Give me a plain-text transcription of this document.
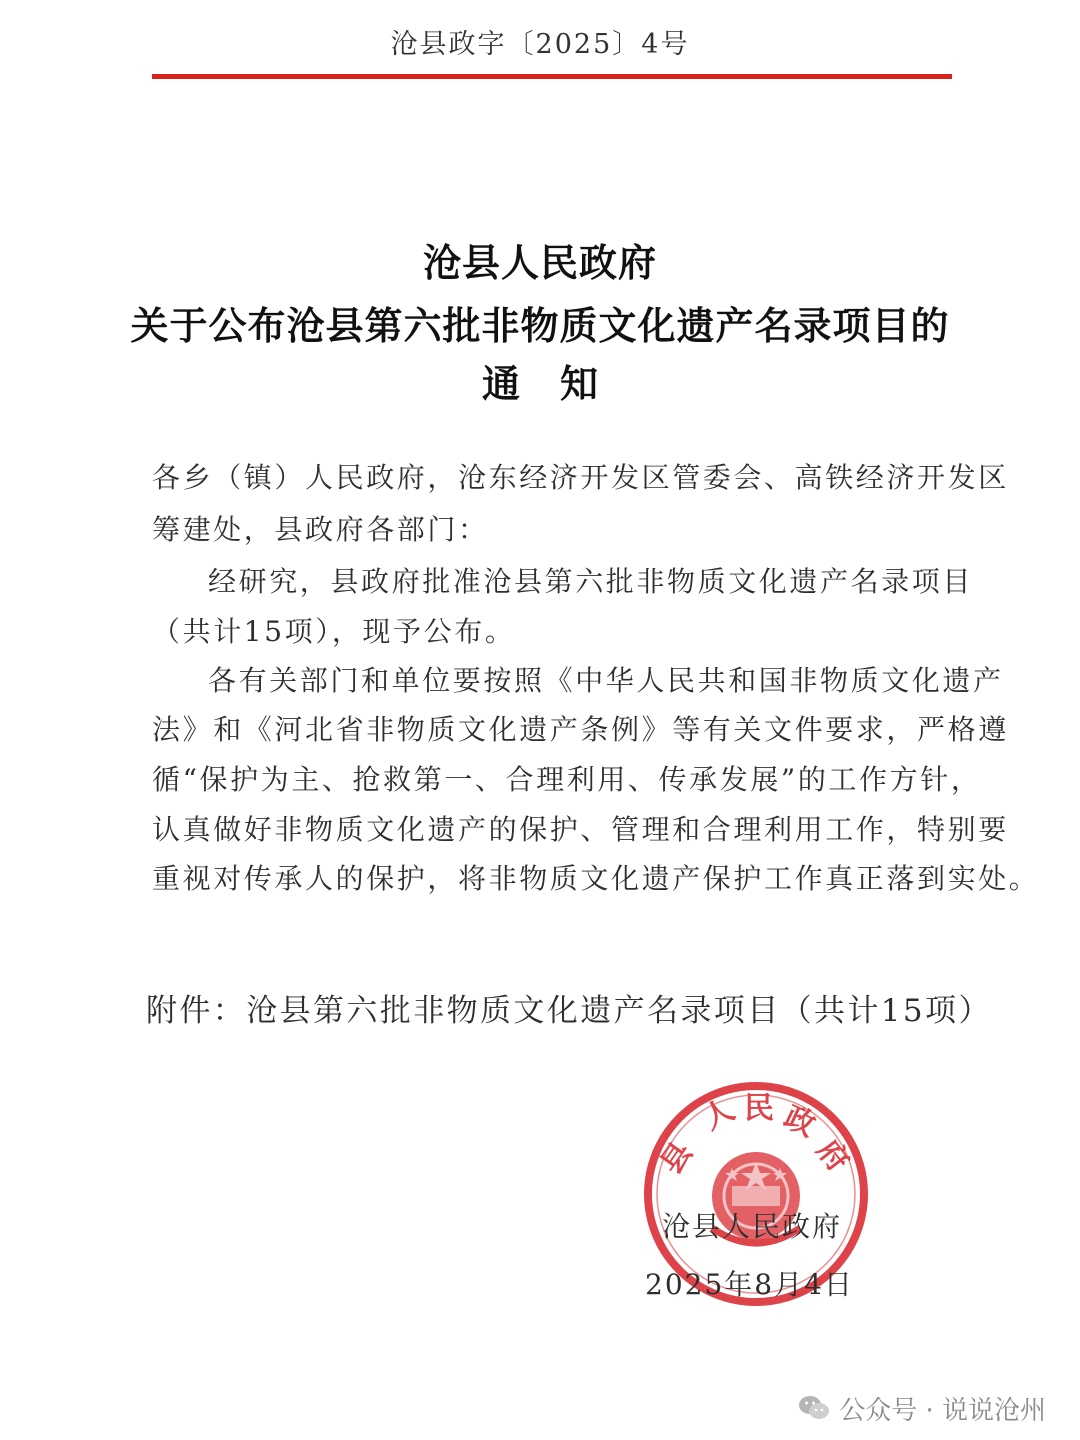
沧县政字〔2025〕4号
沧县人民政府
关于公布沧县第六批非物质文化遗产名录项目的
通知
各乡（镇）人民政府，沧东经济开发区管委会、高铁经济开发区
筹建处，县政府各部门：
经研究，县政府批准沧县第六批非物质文化遗产名录项目
（共计15项），现予公布。
各有关部门和单位要按照《中华人民共和国非物质文化遗产
法》和《河北省非物质文化遗产条例》等有关文件要求，严格遵
循“保护为主、抢救第一、合理利用、传承发展”的工作方针，
认真做好非物质文化遗产的保护、管理和合理利用工作，特别要
重视对传承人的保护，将非物质文化遗产保护工作真正落到实处。
附件：沧县第六批非物质文化遗产名录项目（共计15项）
县
人 民 政
府
沧县人民政府
2025年8月4日
公众号 · 说说沧州
